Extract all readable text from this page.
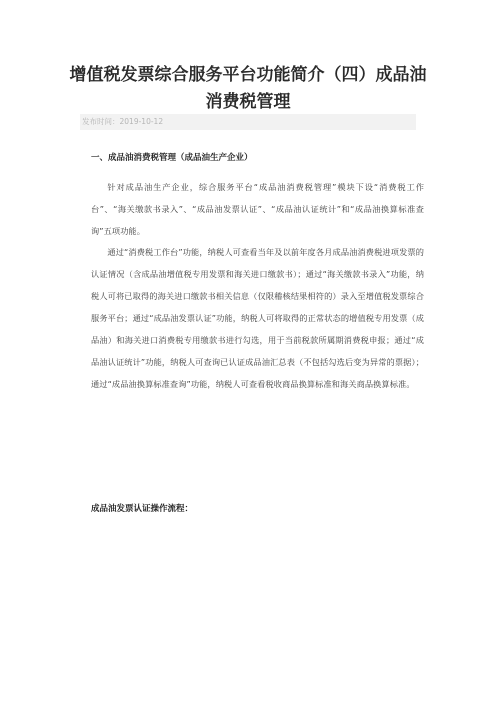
增值税发票综合服务平台功能简介（四）成品油
消费税管理
发布时间：2019-10-12
一、成品油消费税管理（成品油生产企业）

针对成品油生产企业，综合服务平台“成品油消费税管理”模块下设“消费税工作台”、“海关缴款书录入”、“成品油发票认证”、“成品油认证统计”和“成品油换算标准查询”五项功能。

通过“消费税工作台”功能，纳税人可查看当年及以前年度各月成品油消费税进项发票的认证情况（含成品油增值税专用发票和海关进口缴款书）；通过“海关缴款书录入”功能，纳税人可将已取得的海关进口缴款书相关信息（仅限稽核结果相符的）录入至增值税发票综合服务平台；通过“成品油发票认证”功能，纳税人可将取得的正常状态的增值税专用发票（成品油）和海关进口消费税专用缴款书进行勾选，用于当前税款所属期消费税申报；通过“成品油认证统计”功能，纳税人可查询已认证成品油汇总表（不包括勾选后变为异常的票据）；通过“成品油换算标准查询”功能，纳税人可查看税收商品换算标准和海关商品换算标准。

成品油发票认证操作流程：
